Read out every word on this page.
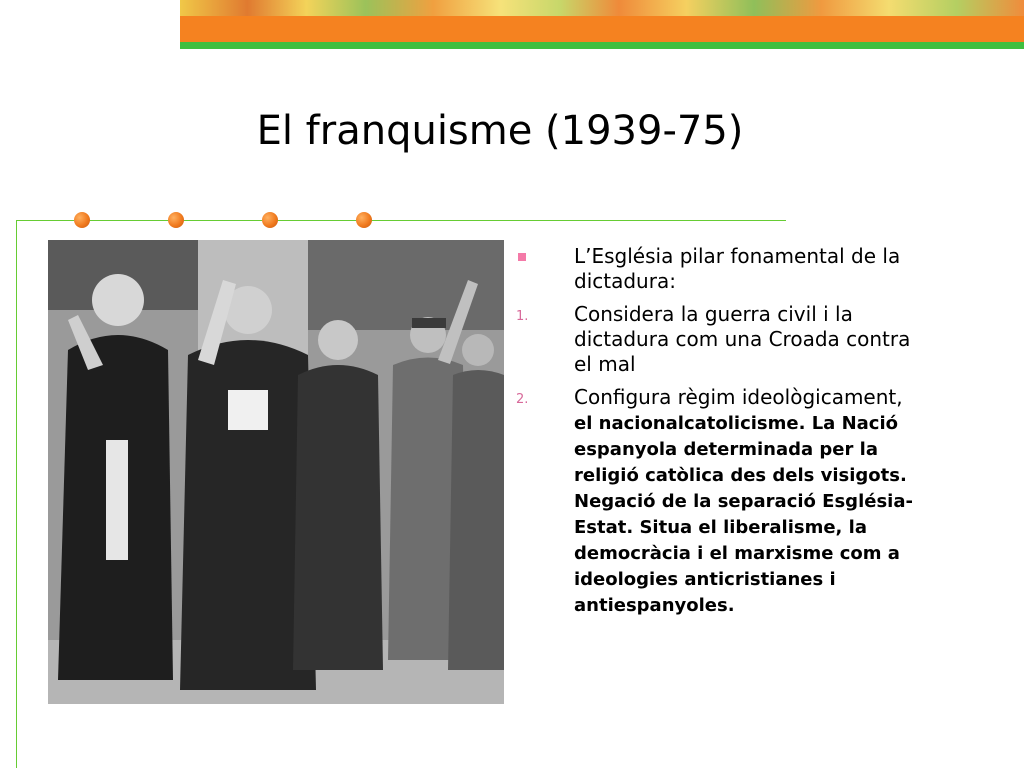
El franquisme (1939-75)
L’Església pilar fonamental de la dictadura:
1. Considera la guerra civil i la dictadura com una Croada contra el mal
2. Configura règim ideològicament, el nacionalcatolicisme. La Nació espanyola determinada per la religió catòlica des dels visigots. Negació de la separació Església-Estat. Situa el liberalisme, la democràcia i el marxisme com a ideologies anticristianes i antiespanyoles.
